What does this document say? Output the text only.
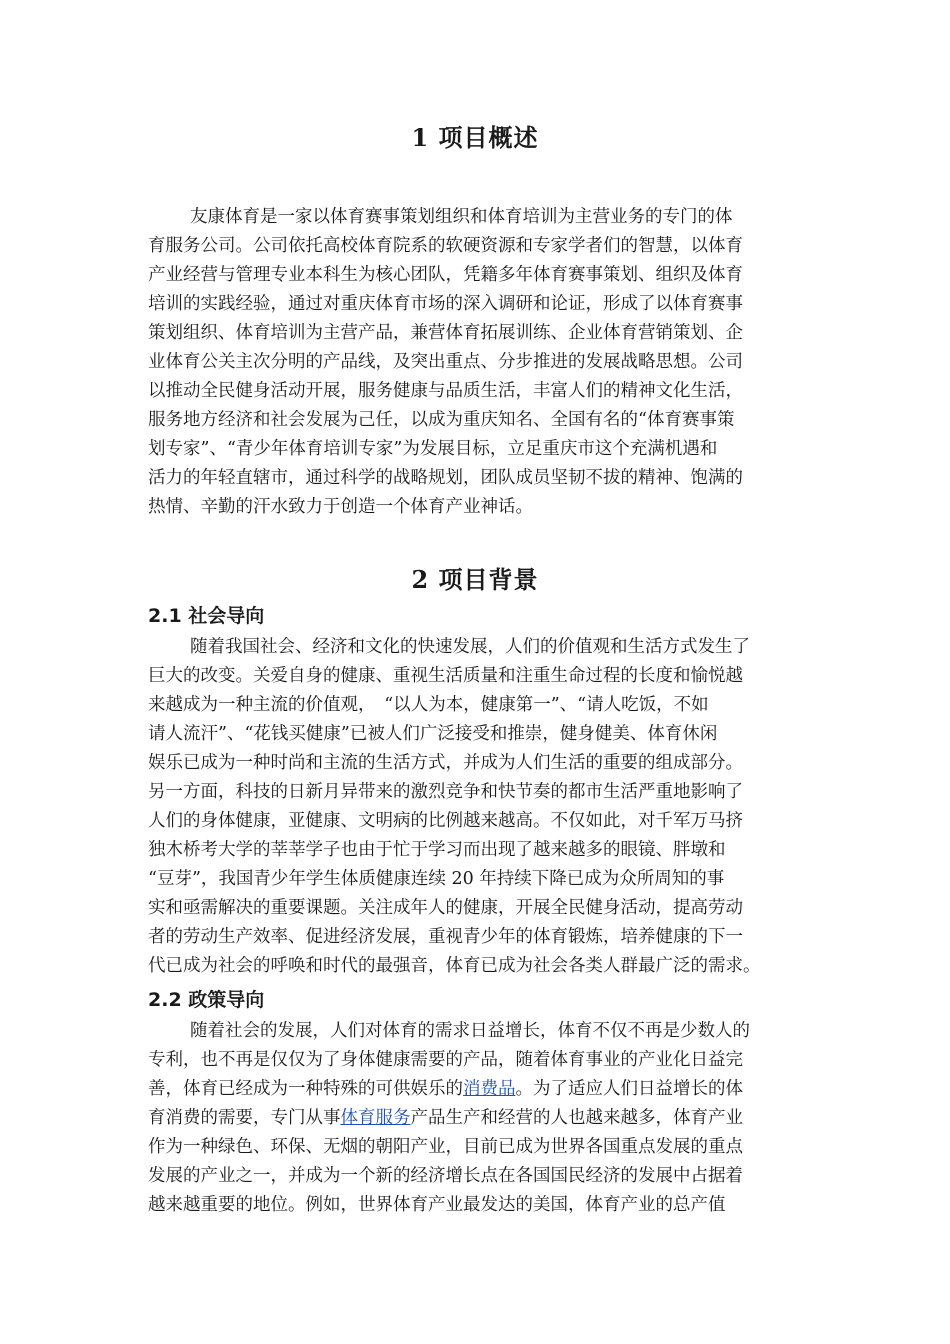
1 项目概述
友康体育是一家以体育赛事策划组织和体育培训为主营业务的专门的体
育服务公司。公司依托高校体育院系的软硬资源和专家学者们的智慧，以体育
产业经营与管理专业本科生为核心团队，凭籍多年体育赛事策划、组织及体育
培训的实践经验，通过对重庆体育市场的深入调研和论证，形成了以体育赛事
策划组织、体育培训为主营产品，兼营体育拓展训练、企业体育营销策划、企
业体育公关主次分明的产品线，及突出重点、分步推进的发展战略思想。公司
以推动全民健身活动开展，服务健康与品质生活，丰富人们的精神文化生活，
服务地方经济和社会发展为己任，以成为重庆知名、全国有名的“体育赛事策
划专家”、“青少年体育培训专家”为发展目标，立足重庆市这个充满机遇和
活力的年轻直辖市，通过科学的战略规划，团队成员坚韧不拔的精神、饱满的
热情、辛勤的汗水致力于创造一个体育产业神话。
2 项目背景
2.1 社会导向
随着我国社会、经济和文化的快速发展，人们的价值观和生活方式发生了
巨大的改变。关爱自身的健康、重视生活质量和注重生命过程的长度和愉悦越
来越成为一种主流的价值观，　“以人为本，健康第一”、“请人吃饭，不如
请人流汗”、“花钱买健康”已被人们广泛接受和推崇，健身健美、体育休闲
娱乐已成为一种时尚和主流的生活方式，并成为人们生活的重要的组成部分。
另一方面，科技的日新月异带来的激烈竞争和快节奏的都市生活严重地影响了
人们的身体健康，亚健康、文明病的比例越来越高。不仅如此，对千军万马挤
独木桥考大学的莘莘学子也由于忙于学习而出现了越来越多的眼镜、胖墩和
“豆芽”，我国青少年学生体质健康连续 20 年持续下降已成为众所周知的事
实和亟需解决的重要课题。关注成年人的健康，开展全民健身活动，提高劳动
者的劳动生产效率、促进经济发展，重视青少年的体育锻炼，培养健康的下一
代已成为社会的呼唤和时代的最强音，体育已成为社会各类人群最广泛的需求。
2.2 政策导向
随着社会的发展，人们对体育的需求日益增长，体育不仅不再是少数人的
专利，也不再是仅仅为了身体健康需要的产品，随着体育事业的产业化日益完
善，体育已经成为一种特殊的可供娱乐的消费品。为了适应人们日益增长的体
育消费的需要，专门从事体育服务产品生产和经营的人也越来越多，体育产业
作为一种绿色、环保、无烟的朝阳产业，目前已成为世界各国重点发展的重点
发展的产业之一，并成为一个新的经济增长点在各国国民经济的发展中占据着
越来越重要的地位。例如，世界体育产业最发达的美国，体育产业的总产值
